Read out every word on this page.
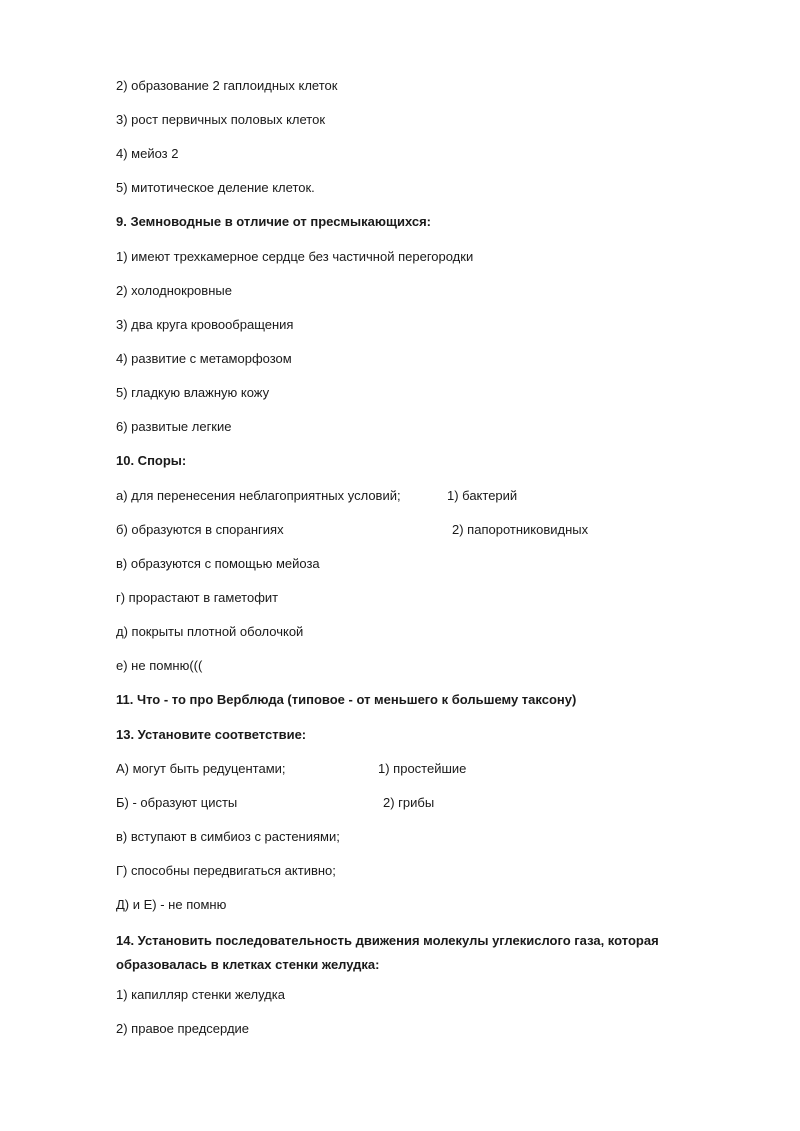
2) образование 2 гаплоидных клеток
3) рост первичных половых клеток
4) мейоз 2
5) митотическое деление клеток.
9. Земноводные в отличие от пресмыкающихся:
1) имеют трехкамерное сердце без частичной перегородки
2) холоднокровные
3) два круга кровообращения
4) развитие с метаморфозом
5) гладкую влажную кожу
6) развитые легкие
10. Споры:
а) для перенесения неблагоприятных условий;	1) бактерий
б) образуются в спорангиях	2) папоротниковидных
в) образуются с помощью мейоза
г) прорастают в гаметофит
д) покрыты плотной оболочкой
е) не помню(((
11. Что - то про Верблюда (типовое - от меньшего к большему таксону)
13. Установите соответствие:
А) могут быть редуцентами;	1) простейшие
Б) - образуют цисты	2) грибы
в) вступают в симбиоз с растениями;
Г) способны передвигаться активно;
Д) и Е) - не помню
14. Установить последовательность движения молекулы углекислого газа, которая образовалась в клетках стенки желудка:
1) капилляр стенки желудка
2) правое предсердие
